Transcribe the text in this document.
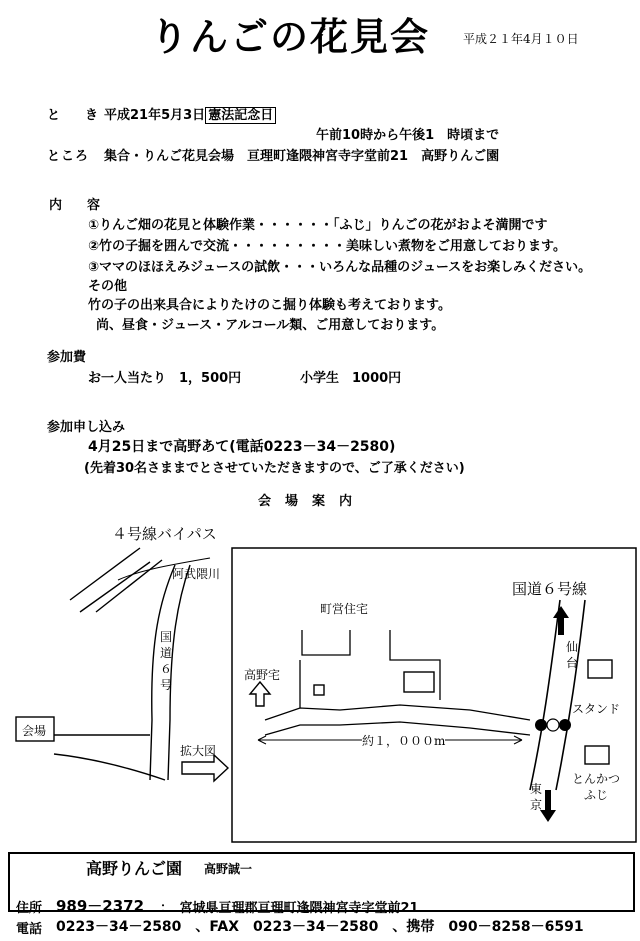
りんごの花見会	平成２１年4月１０日
と　き 平成21年5月3日 憲法記念日
午前10時から午後1　時頃まで
ところ 集合・りんご花見会場　亘理町逢隈神宮寺字堂前21　高野りんご園
内　容
①りんご畑の花見と体験作業・・・・・・「ふじ」りんごの花がおよそ満開です
②竹の子掘を囲んで交流・・・・・・・・・美味しい煮物をご用意しております。
③ママのほほえみジュースの試飲・・・いろんな品種のジュースをお楽しみください。
その他
竹の子の出来具合によりたけのこ掘り体験も考えております。
尚、昼食・ジュース・アルコール類、ご用意しております。
参加費
お一人当たり　1，500円	小学生　1000円
参加申し込み
4月25日まで高野あて(電話0223－34－2580)
(先着30名さままでとさせていただきますので、ご了承ください)
会場案内
４号線バイパス
阿武隈川
国
道
６
号
会場
拡大図
町営住宅
高野宅
約１，０００m
国道６号線
仙
台
スタンド
とんかつ
ふじ
東
京
高野りんご園 高野誠一
住所 989－2372 ：　宮城県亘理郡亘理町逢隈神宮寺字堂前21
電話 0223－34－2580　、FAX　0223－34－2580　、携帯　090－8258－6591
